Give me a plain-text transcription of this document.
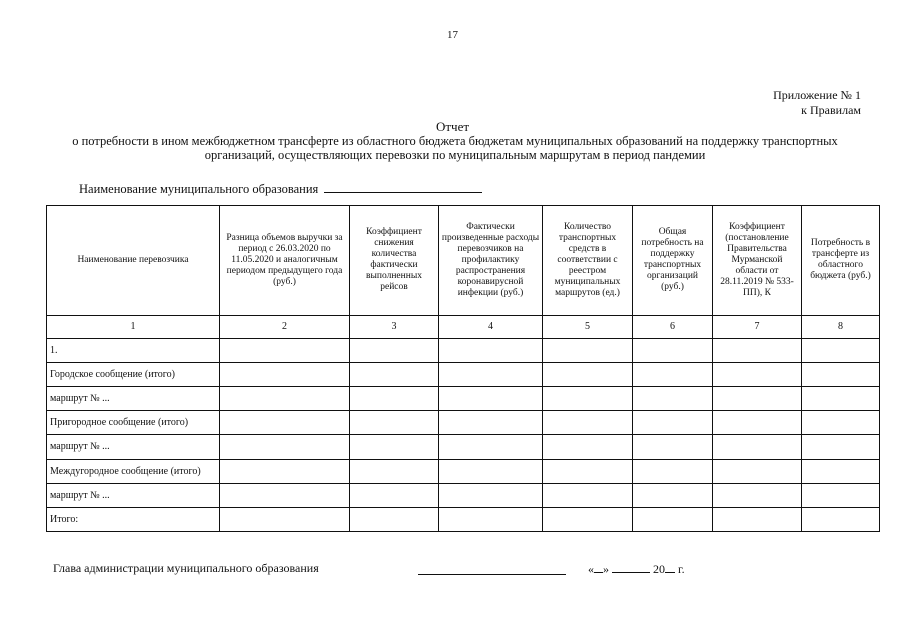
17
Приложение № 1
к Правилам
Отчет
о потребности в ином межбюджетном трансферте из областного бюджета бюджетам муниципальных образований на поддержку транспортных организаций, осуществляющих перевозки по муниципальным маршрутам в период пандемии
Наименование муниципального образования
Наименование перевозчика	Разница объемов выручки за период с 26.03.2020 по 11.05.2020 и аналогичным периодом предыдущего года (руб.)	Коэффициент снижения количества фактически выполненных рейсов	Фактически произведенные расходы перевозчиков на профилактику распространения коронавирусной инфекции (руб.)	Количество транспортных средств в соответствии с реестром муниципальных маршрутов (ед.)	Общая потребность на поддержку транспортных организаций (руб.)	Коэффициент (постановление Правительства Мурманской области от 28.11.2019 № 533-ПП), К	Потребность в трансферте из областного бюджета (руб.)
1	2	3	4	5	6	7	8
1.							
Городское сообщение (итого)							
маршрут № ...							
Пригородное сообщение (итого)							
маршрут № ...							
Междугородное сообщение (итого)							
маршрут № ...							
Итого:							
Глава администрации муниципального образования	« »	20 г.
